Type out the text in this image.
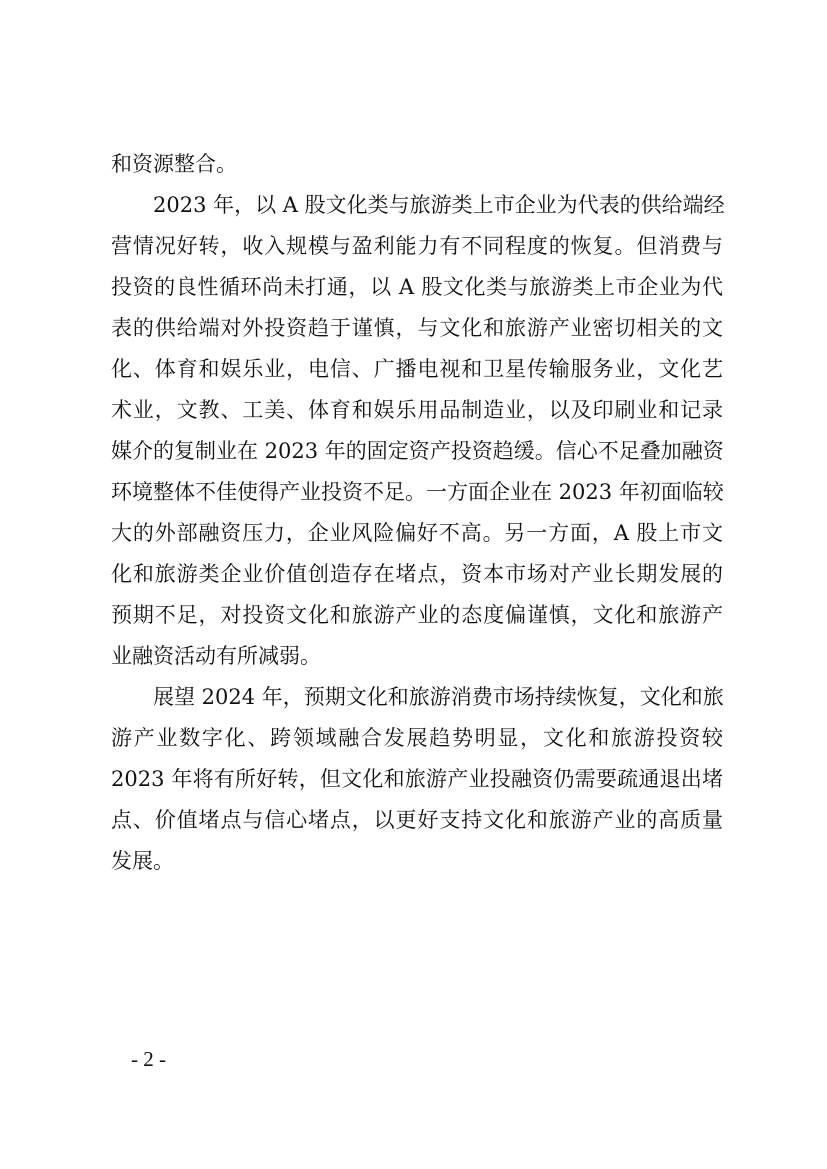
和资源整合。
2023 年，以 A 股文化类与旅游类上市企业为代表的供给端经
营情况好转，收入规模与盈利能力有不同程度的恢复。但消费与
投资的良性循环尚未打通，以 A 股文化类与旅游类上市企业为代
表的供给端对外投资趋于谨慎，与文化和旅游产业密切相关的文
化、体育和娱乐业，电信、广播电视和卫星传输服务业，文化艺
术业，文教、工美、体育和娱乐用品制造业，以及印刷业和记录
媒介的复制业在 2023 年的固定资产投资趋缓。信心不足叠加融资
环境整体不佳使得产业投资不足。一方面企业在 2023 年初面临较
大的外部融资压力，企业风险偏好不高。另一方面，A 股上市文
化和旅游类企业价值创造存在堵点，资本市场对产业长期发展的
预期不足，对投资文化和旅游产业的态度偏谨慎，文化和旅游产
业融资活动有所减弱。
展望 2024 年，预期文化和旅游消费市场持续恢复，文化和旅
游产业数字化、跨领域融合发展趋势明显，文化和旅游投资较
2023 年将有所好转，但文化和旅游产业投融资仍需要疏通退出堵
点、价值堵点与信心堵点，以更好支持文化和旅游产业的高质量
发展。
- 2 -
